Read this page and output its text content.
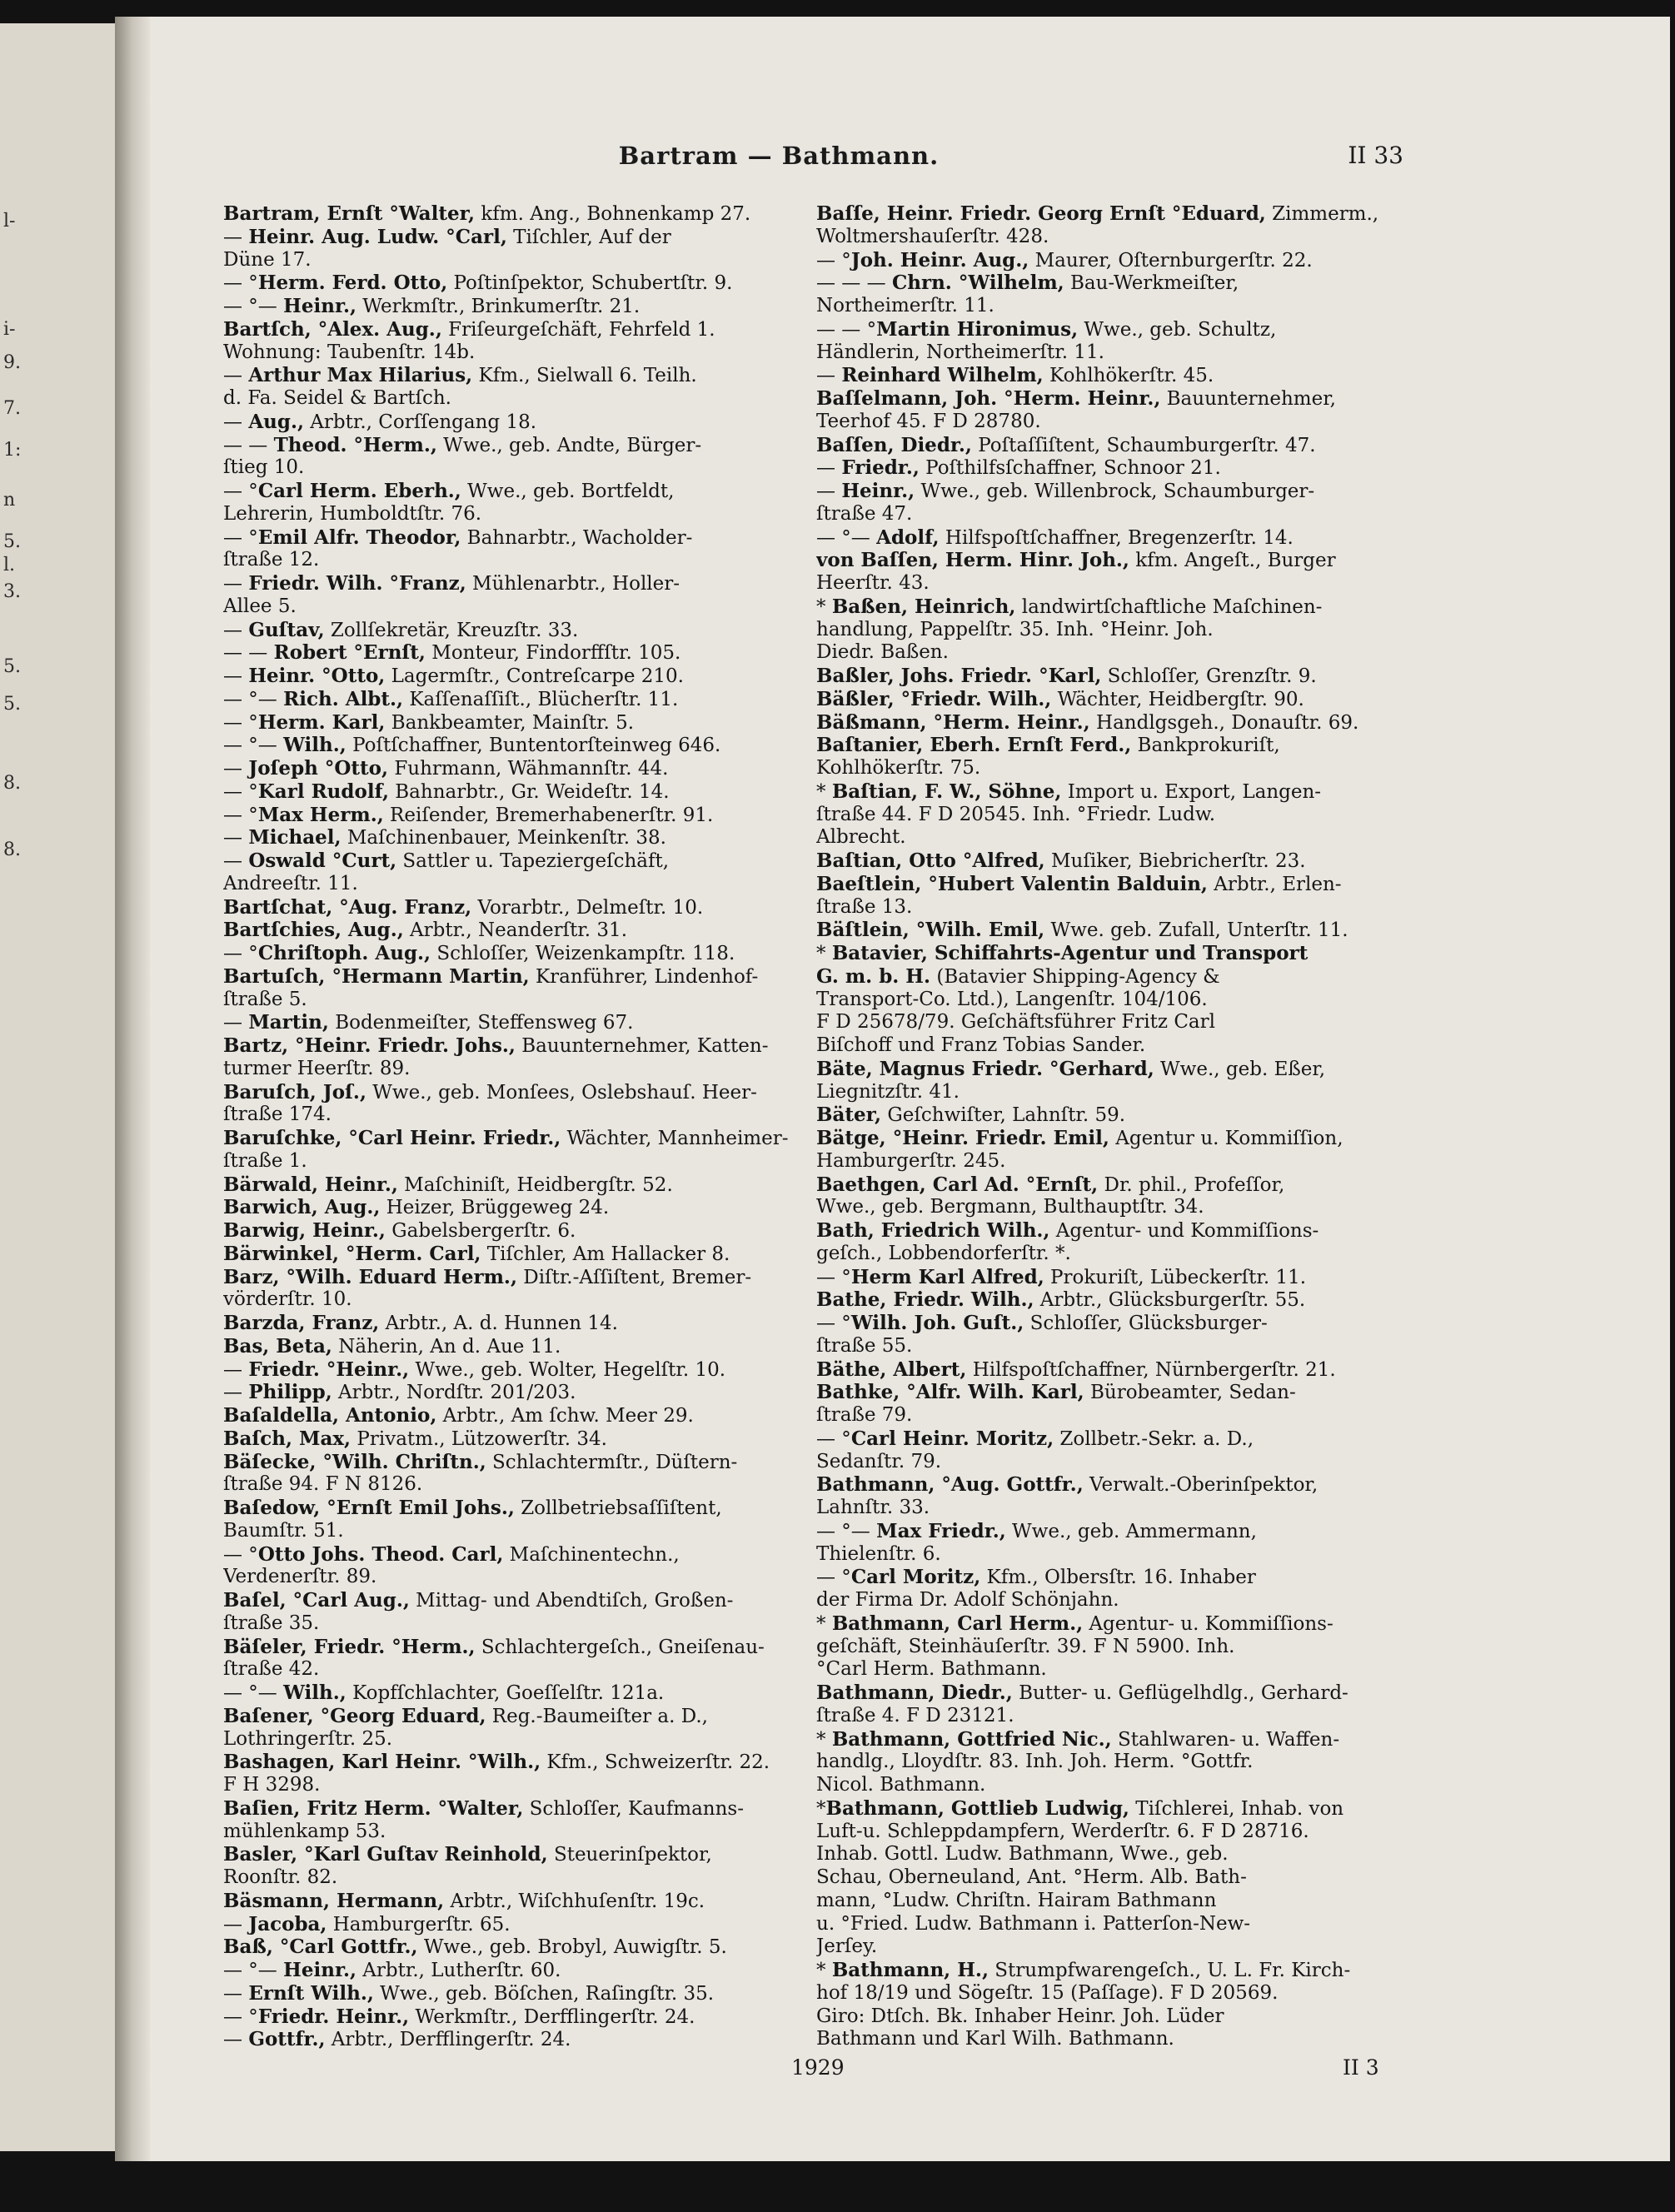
l-
i-
9.
7.
1:
n
5.
l.
3.
5.
5.
8.
8.
Bartram — Bathmann.	II 33
Bartram, Ernſt °Walter, kfm. Ang., Bohnenkamp 27.
— Heinr. Aug. Ludw. °Carl, Tiſchler, Auf der
Düne 17.
— °Herm. Ferd. Otto, Poſtinſpektor, Schubertſtr. 9.
— °— Heinr., Werkmſtr., Brinkumerſtr. 21.
Bartſch, °Alex. Aug., Friſeurgeſchäft, Fehrfeld 1.
Wohnung: Taubenſtr. 14b.
— Arthur Max Hilarius, Kfm., Sielwall 6. Teilh.
d. Fa. Seidel & Bartſch.
— Aug., Arbtr., Corſſengang 18.
— — Theod. °Herm., Wwe., geb. Andte, Bürger-
ſtieg 10.
— °Carl Herm. Eberh., Wwe., geb. Bortfeldt,
Lehrerin, Humboldtſtr. 76.
— °Emil Alfr. Theodor, Bahnarbtr., Wacholder-
ſtraße 12.
— Friedr. Wilh. °Franz, Mühlenarbtr., Holler-
Allee 5.
— Guſtav, Zollſekretär, Kreuzſtr. 33.
— — Robert °Ernſt, Monteur, Findorffſtr. 105.
— Heinr. °Otto, Lagermſtr., Contreſcarpe 210.
— °— Rich. Albt., Kaſſenaſſiſt., Blücherſtr. 11.
— °Herm. Karl, Bankbeamter, Mainſtr. 5.
— °— Wilh., Poſtſchaffner, Buntentorſteinweg 646.
— Joſeph °Otto, Fuhrmann, Wähmannſtr. 44.
— °Karl Rudolf, Bahnarbtr., Gr. Weideſtr. 14.
— °Max Herm., Reiſender, Bremerhabenerſtr. 91.
— Michael, Maſchinenbauer, Meinkenſtr. 38.
— Oswald °Curt, Sattler u. Tapeziergeſchäft,
Andreeſtr. 11.
Bartſchat, °Aug. Franz, Vorarbtr., Delmeſtr. 10.
Bartſchies, Aug., Arbtr., Neanderſtr. 31.
— °Chriſtoph. Aug., Schloſſer, Weizenkampſtr. 118.
Bartuſch, °Hermann Martin, Kranführer, Lindenhof-
ſtraße 5.
— Martin, Bodenmeiſter, Steffensweg 67.
Bartz, °Heinr. Friedr. Johs., Bauunternehmer, Katten-
turmer Heerſtr. 89.
Baruſch, Joſ., Wwe., geb. Monſees, Oslebshauſ. Heer-
ſtraße 174.
Baruſchke, °Carl Heinr. Friedr., Wächter, Mannheimer-
ſtraße 1.
Bärwald, Heinr., Maſchiniſt, Heidbergſtr. 52.
Barwich, Aug., Heizer, Brüggeweg 24.
Barwig, Heinr., Gabelsbergerſtr. 6.
Bärwinkel, °Herm. Carl, Tiſchler, Am Hallacker 8.
Barz, °Wilh. Eduard Herm., Diſtr.-Aſſiſtent, Bremer-
vörderſtr. 10.
Barzda, Franz, Arbtr., A. d. Hunnen 14.
Bas, Beta, Näherin, An d. Aue 11.
— Friedr. °Heinr., Wwe., geb. Wolter, Hegelſtr. 10.
— Philipp, Arbtr., Nordſtr. 201/203.
Baſaldella, Antonio, Arbtr., Am ſchw. Meer 29.
Baſch, Max, Privatm., Lützowerſtr. 34.
Bäſecke, °Wilh. Chriſtn., Schlachtermſtr., Düſtern-
ſtraße 94. F N 8126.
Baſedow, °Ernſt Emil Johs., Zollbetriebsaſſiſtent,
Baumſtr. 51.
— °Otto Johs. Theod. Carl, Maſchinentechn.,
Verdenerſtr. 89.
Baſel, °Carl Aug., Mittag- und Abendtiſch, Großen-
ſtraße 35.
Bäſeler, Friedr. °Herm., Schlachtergeſch., Gneiſenau-
ſtraße 42.
— °— Wilh., Kopfſchlachter, Goeſſelſtr. 121a.
Baſener, °Georg Eduard, Reg.-Baumeiſter a. D.,
Lothringerſtr. 25.
Bashagen, Karl Heinr. °Wilh., Kfm., Schweizerſtr. 22.
F H 3298.
Baſien, Fritz Herm. °Walter, Schloſſer, Kaufmanns-
mühlenkamp 53.
Basler, °Karl Guſtav Reinhold, Steuerinſpektor,
Roonſtr. 82.
Bäsmann, Hermann, Arbtr., Wiſchhuſenſtr. 19c.
— Jacoba, Hamburgerſtr. 65.
Baß, °Carl Gottfr., Wwe., geb. Brobyl, Auwigſtr. 5.
— °— Heinr., Arbtr., Lutherſtr. 60.
— Ernſt Wilh., Wwe., geb. Böſchen, Raſingſtr. 35.
— °Friedr. Heinr., Werkmſtr., Derfflingerſtr. 24.
— Gottfr., Arbtr., Derfflingerſtr. 24.
Baſſe, Heinr. Friedr. Georg Ernſt °Eduard, Zimmerm.,
Woltmershauſerſtr. 428.
— °Joh. Heinr. Aug., Maurer, Oſternburgerſtr. 22.
— — — Chrn. °Wilhelm, Bau-Werkmeiſter,
Northeimerſtr. 11.
— — °Martin Hironimus, Wwe., geb. Schultz,
Händlerin, Northeimerſtr. 11.
— Reinhard Wilhelm, Kohlhökerſtr. 45.
Baſſelmann, Joh. °Herm. Heinr., Bauunternehmer,
Teerhof 45. F D 28780.
Baſſen, Diedr., Poſtaſſiſtent, Schaumburgerſtr. 47.
— Friedr., Poſthilfsſchaffner, Schnoor 21.
— Heinr., Wwe., geb. Willenbrock, Schaumburger-
ſtraße 47.
— °— Adolf, Hilfspoſtſchaffner, Bregenzerſtr. 14.
von Baſſen, Herm. Hinr. Joh., kfm. Angeſt., Burger
Heerſtr. 43.
* Baßen, Heinrich, landwirtſchaftliche Maſchinen-
handlung, Pappelſtr. 35. Inh. °Heinr. Joh.
Diedr. Baßen.
Baßler, Johs. Friedr. °Karl, Schloſſer, Grenzſtr. 9.
Bäßler, °Friedr. Wilh., Wächter, Heidbergſtr. 90.
Bäßmann, °Herm. Heinr., Handlgsgeh., Donauſtr. 69.
Baſtanier, Eberh. Ernſt Ferd., Bankprokuriſt,
Kohlhökerſtr. 75.
* Baſtian, F. W., Söhne, Import u. Export, Langen-
ſtraße 44. F D 20545. Inh. °Friedr. Ludw.
Albrecht.
Baſtian, Otto °Alfred, Muſiker, Biebricherſtr. 23.
Baeſtlein, °Hubert Valentin Balduin, Arbtr., Erlen-
ſtraße 13.
Bäſtlein, °Wilh. Emil, Wwe. geb. Zufall, Unterſtr. 11.
* Batavier, Schiffahrts-Agentur und Transport
G. m. b. H. (Batavier Shipping-Agency &
Transport-Co. Ltd.), Langenſtr. 104/106.
F D 25678/79. Geſchäftsführer Fritz Carl
Biſchoff und Franz Tobias Sander.
Bäte, Magnus Friedr. °Gerhard, Wwe., geb. Eßer,
Liegnitzſtr. 41.
Bäter, Geſchwiſter, Lahnſtr. 59.
Bätge, °Heinr. Friedr. Emil, Agentur u. Kommiſſion,
Hamburgerſtr. 245.
Baethgen, Carl Ad. °Ernſt, Dr. phil., Profeſſor,
Wwe., geb. Bergmann, Bulthauptſtr. 34.
Bath, Friedrich Wilh., Agentur- und Kommiſſions-
geſch., Lobbendorferſtr. *.
— °Herm Karl Alfred, Prokuriſt, Lübeckerſtr. 11.
Bathe, Friedr. Wilh., Arbtr., Glücksburgerſtr. 55.
— °Wilh. Joh. Guſt., Schloſſer, Glücksburger-
ſtraße 55.
Bäthe, Albert, Hilfspoſtſchaffner, Nürnbergerſtr. 21.
Bathke, °Alfr. Wilh. Karl, Bürobeamter, Sedan-
ſtraße 79.
— °Carl Heinr. Moritz, Zollbetr.-Sekr. a. D.,
Sedanſtr. 79.
Bathmann, °Aug. Gottfr., Verwalt.-Oberinſpektor,
Lahnſtr. 33.
— °— Max Friedr., Wwe., geb. Ammermann,
Thielenſtr. 6.
— °Carl Moritz, Kfm., Olbersſtr. 16. Inhaber
der Firma Dr. Adolf Schönjahn.
* Bathmann, Carl Herm., Agentur- u. Kommiſſions-
geſchäft, Steinhäuſerſtr. 39. F N 5900. Inh.
°Carl Herm. Bathmann.
Bathmann, Diedr., Butter- u. Geflügelhdlg., Gerhard-
ſtraße 4. F D 23121.
* Bathmann, Gottfried Nic., Stahlwaren- u. Waffen-
handlg., Lloydſtr. 83. Inh. Joh. Herm. °Gottfr.
Nicol. Bathmann.
*Bathmann, Gottlieb Ludwig, Tiſchlerei, Inhab. von
Luft-u. Schleppdampfern, Werderſtr. 6. F D 28716.
Inhab. Gottl. Ludw. Bathmann, Wwe., geb.
Schau, Oberneuland, Ant. °Herm. Alb. Bath-
mann, °Ludw. Chriſtn. Hairam Bathmann
u. °Fried. Ludw. Bathmann i. Patterſon-New-
Jerſey.
* Bathmann, H., Strumpfwarengeſch., U. L. Fr. Kirch-
hof 18/19 und Sögeſtr. 15 (Paſſage). F D 20569.
Giro: Dtſch. Bk. Inhaber Heinr. Joh. Lüder
Bathmann und Karl Wilh. Bathmann.
1929	II 3
